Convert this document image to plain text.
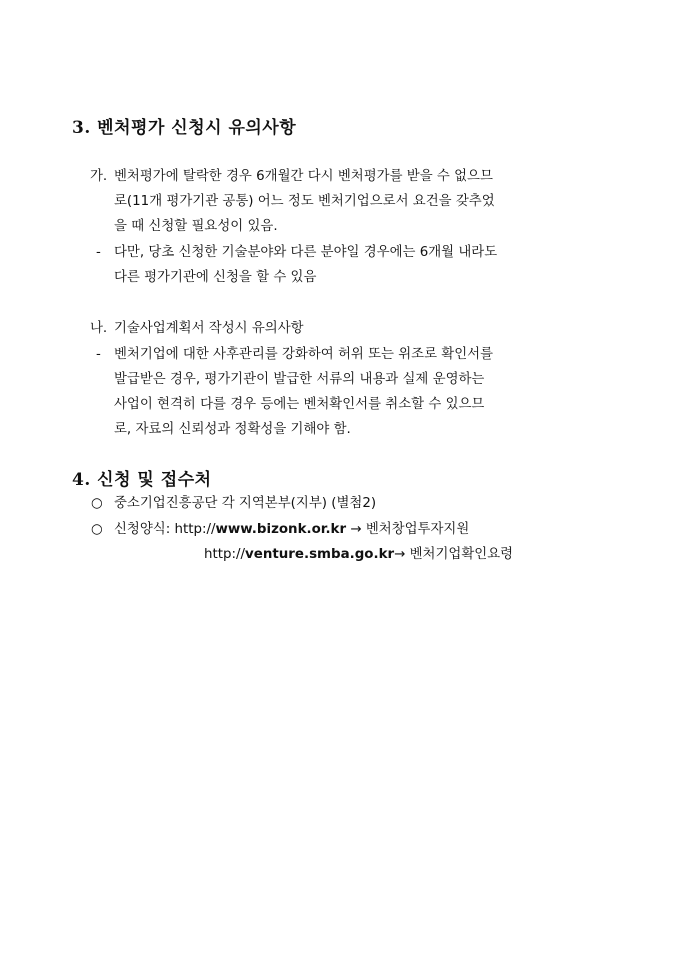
3. 벤처평가 신청시 유의사항
가. 벤처평가에 탈락한 경우 6개월간 다시 벤처평가를 받을 수 없으므
로(11개 평가기관 공통) 어느 정도 벤처기업으로서 요건을 갖추었
을 때 신청할 필요성이 있음.
- 다만, 당초 신청한 기술분야와 다른 분야일 경우에는 6개월 내라도
다른 평가기관에 신청을 할 수 있음
나. 기술사업계획서 작성시 유의사항
- 벤처기업에 대한 사후관리를 강화하여 허위 또는 위조로 확인서를
발급받은 경우, 평가기관이 발급한 서류의 내용과 실제 운영하는
사업이 현격히 다를 경우 등에는 벤처확인서를 취소할 수 있으므
로, 자료의 신뢰성과 정확성을 기해야 함.
4. 신청 및 접수처
○ 중소기업진흥공단 각 지역본부(지부) (별첨2)
○ 신청양식: http://www.bizonk.or.kr → 벤처창업투자지원
http://venture.smba.go.kr→ 벤처기업확인요령
